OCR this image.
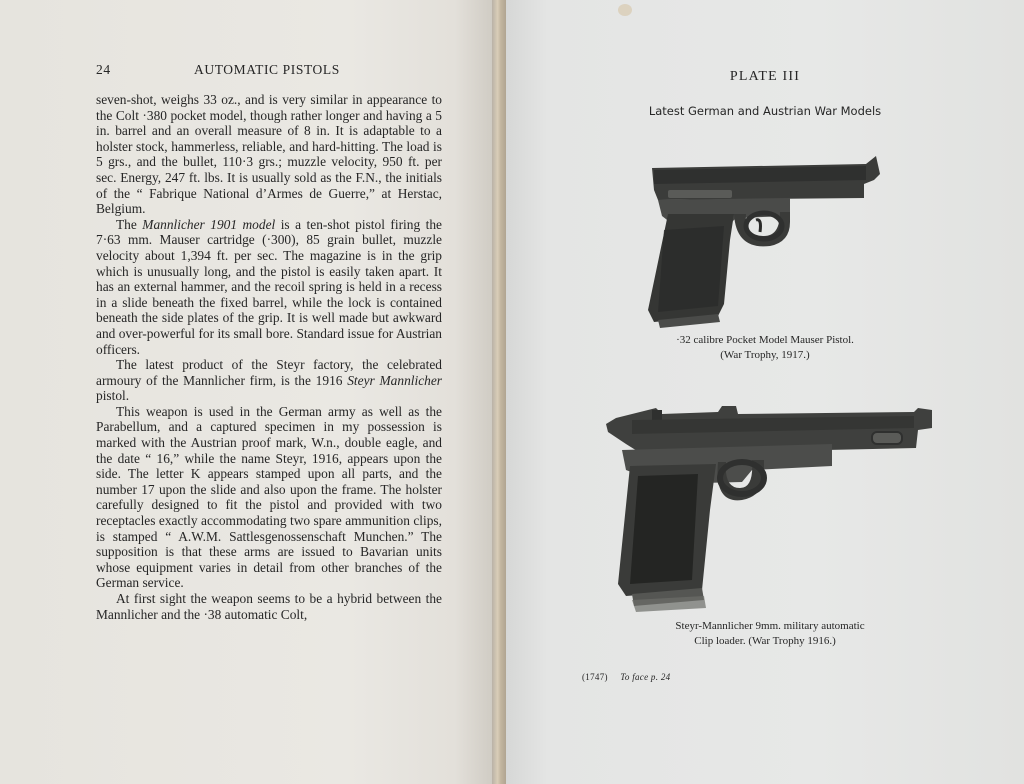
24	AUTOMATIC PISTOLS

seven-shot, weighs 33 oz., and is very similar in appearance to the Colt ·380 pocket model, though rather longer and having a 5 in. barrel and an overall measure of 8 in. It is adaptable to a holster stock, hammerless, reliable, and hard-hitting. The load is 5 grs., and the bullet, 110·3 grs.; muzzle velocity, 950 ft. per sec. Energy, 247 ft. lbs. It is usually sold as the F.N., the initials of the “ Fabrique National d’Armes de Guerre,” at Herstac, Belgium.

The Mannlicher 1901 model is a ten-shot pistol firing the 7·63 mm. Mauser cartridge (·300), 85 grain bullet, muzzle velocity about 1,394 ft. per sec. The magazine is in the grip which is unusually long, and the pistol is easily taken apart. It has an external hammer, and the recoil spring is held in a recess in a slide beneath the fixed barrel, while the lock is contained beneath the side plates of the grip. It is well made but awkward and over-powerful for its small bore. Standard issue for Austrian officers.

The latest product of the Steyr factory, the celebrated armoury of the Mannlicher firm, is the 1916 Steyr Mannlicher pistol.

This weapon is used in the German army as well as the Parabellum, and a captured specimen in my possession is marked with the Austrian proof mark, W.n., double eagle, and the date “ 16,” while the name Steyr, 1916, appears upon the side. The letter K appears stamped upon all parts, and the number 17 upon the slide and also upon the frame. The holster carefully designed to fit the pistol and provided with two receptacles exactly accommodating two spare ammunition clips, is stamped “ A.W.M. Sattlesgenossenschaft Munchen.” The supposition is that these arms are issued to Bavarian units whose equipment varies in detail from other branches of the German service.

At first sight the weapon seems to be a hybrid between the Mannlicher and the ·38 automatic Colt,

PLATE III
Latest German and Austrian War Models
·32 calibre Pocket Model Mauser Pistol.
(War Trophy, 1917.)
Steyr-Mannlicher 9mm. military automatic
Clip loader. (War Trophy 1916.)
(1747) To face p. 24
